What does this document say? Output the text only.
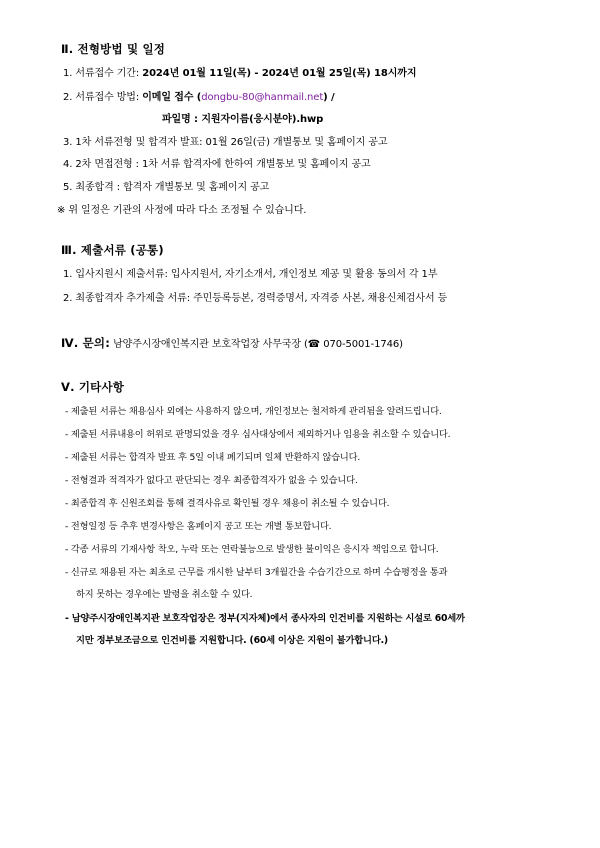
Ⅱ. 전형방법 및 일정
1. 서류접수 기간: 2024년 01월 11일(목) - 2024년 01월 25일(목) 18시까지
2. 서류접수 방법: 이메일 접수 (dongbu-80@hanmail.net) /
파일명 : 지원자이름(응시분야).hwp
3. 1차 서류전형 및 합격자 발표: 01월 26일(금) 개별통보 및 홈페이지 공고
4. 2차 면접전형 : 1차 서류 합격자에 한하여 개별통보 및 홈페이지 공고
5. 최종합격 : 합격자 개별통보 및 홈페이지 공고
※ 위 일정은 기관의 사정에 따라 다소 조정될 수 있습니다.
Ⅲ. 제출서류 (공통)
1. 입사지원시 제출서류: 입사지원서, 자기소개서, 개인정보 제공 및 활용 동의서 각 1부
2. 최종합격자 추가제출 서류: 주민등록등본, 경력증명서, 자격증 사본, 채용신체검사서 등
Ⅳ. 문의: 남양주시장애인복지관 보호작업장 사무국장 (☎ 070-5001-1746)
Ⅴ. 기타사항
- 제출된 서류는 채용심사 외에는 사용하지 않으며, 개인정보는 철저하게 관리됨을 알려드립니다.
- 제출된 서류내용이 허위로 판명되었을 경우 심사대상에서 제외하거나 임용을 취소할 수 있습니다.
- 제출된 서류는 합격자 발표 후 5일 이내 폐기되며 일체 반환하지 않습니다.
- 전형결과 적격자가 없다고 판단되는 경우 최종합격자가 없을 수 있습니다.
- 최종합격 후 신원조회를 통해 결격사유로 확인될 경우 채용이 취소될 수 있습니다.
- 전형일정 등 추후 변경사항은 홈페이지 공고 또는 개별 통보합니다.
- 각종 서류의 기재사항 착오, 누락 또는 연락불능으로 발생한 불이익은 응시자 책임으로 합니다.
- 신규로 채용된 자는 최초로 근무를 개시한 날부터 3개월간을 수습기간으로 하며 수습평정을 통과
하지 못하는 경우에는 발령을 취소할 수 있다.
- 남양주시장애인복지관 보호작업장은 정부(지자체)에서 종사자의 인건비를 지원하는 시설로 60세까
지만 정부보조금으로 인건비를 지원합니다. (60세 이상은 지원이 불가합니다.)
